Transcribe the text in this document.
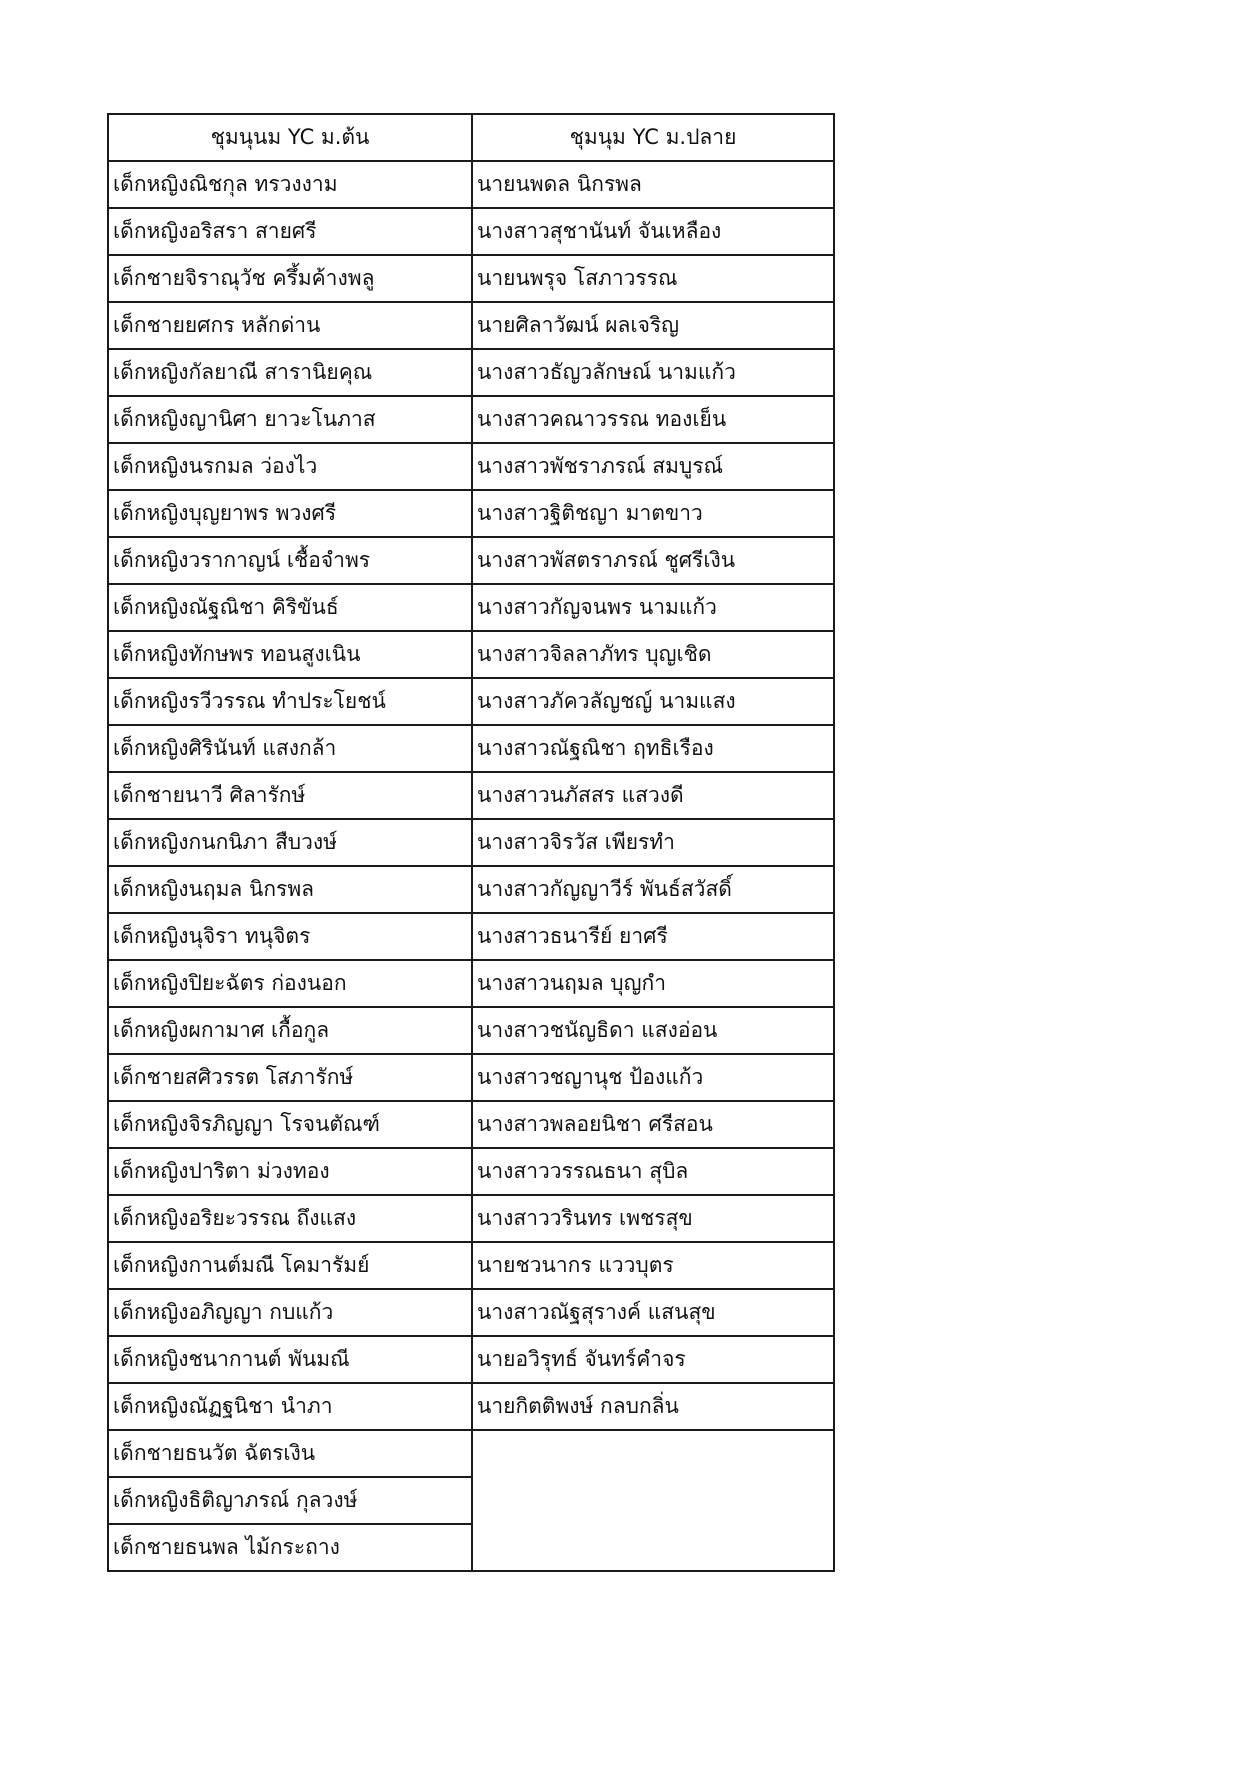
ชุมนุนม YC ม.ต้น	ชุมนุม YC ม.ปลาย
เด็กหญิงณิชกุล ทรวงงาม	นายนพดล นิกรพล
เด็กหญิงอริสรา สายศรี	นางสาวสุชานันท์ จันเหลือง
เด็กชายจิราณุวัช ครึ้มค้างพลู	นายนพรุจ โสภาวรรณ
เด็กชายยศกร หลักด่าน	นายศิลาวัฒน์ ผลเจริญ
เด็กหญิงกัลยาณี สารานิยคุณ	นางสาวธัญวลักษณ์ นามแก้ว
เด็กหญิงญานิศา ยาวะโนภาส	นางสาวคณาวรรณ ทองเย็น
เด็กหญิงนรกมล ว่องไว	นางสาวพัชราภรณ์ สมบูรณ์
เด็กหญิงบุญยาพร พวงศรี	นางสาวฐิติชญา มาตขาว
เด็กหญิงวรากาญน์ เชื้อจำพร	นางสาวพัสตราภรณ์ ชูศรีเงิน
เด็กหญิงณัฐณิชา คิริขันธ์	นางสาวกัญจนพร นามแก้ว
เด็กหญิงทักษพร ทอนสูงเนิน	นางสาวจิลลาภัทร บุญเชิด
เด็กหญิงรวีวรรณ ทำประโยชน์	นางสาวภัควลัญชญ์ นามแสง
เด็กหญิงศิรินันท์ แสงกล้า	นางสาวณัฐณิชา ฤทธิเรือง
เด็กชายนาวี ศิลารักษ์	นางสาวนภัสสร แสวงดี
เด็กหญิงกนกนิภา สืบวงษ์	นางสาวจิรวัส เพียรทำ
เด็กหญิงนฤมล นิกรพล	นางสาวกัญญาวีร์ พันธ์สวัสดิ์
เด็กหญิงนุจิรา ทนุจิตร	นางสาวธนารีย์ ยาศรี
เด็กหญิงปิยะฉัตร ก่องนอก	นางสาวนฤมล บุญกำ
เด็กหญิงผกามาศ เกื้อกูล	นางสาวชนัญธิดา แสงอ่อน
เด็กชายสศิวรรต โสภารักษ์	นางสาวชญานุช ป้องแก้ว
เด็กหญิงจิรภิญญา โรจนตัณฑ์	นางสาวพลอยนิชา ศรีสอน
เด็กหญิงปาริตา ม่วงทอง	นางสาววรรณธนา สุบิล
เด็กหญิงอริยะวรรณ ถึงแสง	นางสาววรินทร เพชรสุข
เด็กหญิงกานต์มณี โคมารัมย์	นายชวนากร แววบุตร
เด็กหญิงอภิญญา กบแก้ว	นางสาวณัฐสุรางค์ แสนสุข
เด็กหญิงชนากานต์ พันมณี	นายอวิรุทธ์ จันทร์คำจร
เด็กหญิงณัฏฐนิชา นำภา	นายกิตติพงษ์ กลบกลิ่น
เด็กชายธนวัต ฉัตรเงิน	
เด็กหญิงธิติญาภรณ์ กุลวงษ์	
เด็กชายธนพล ไม้กระถาง	
